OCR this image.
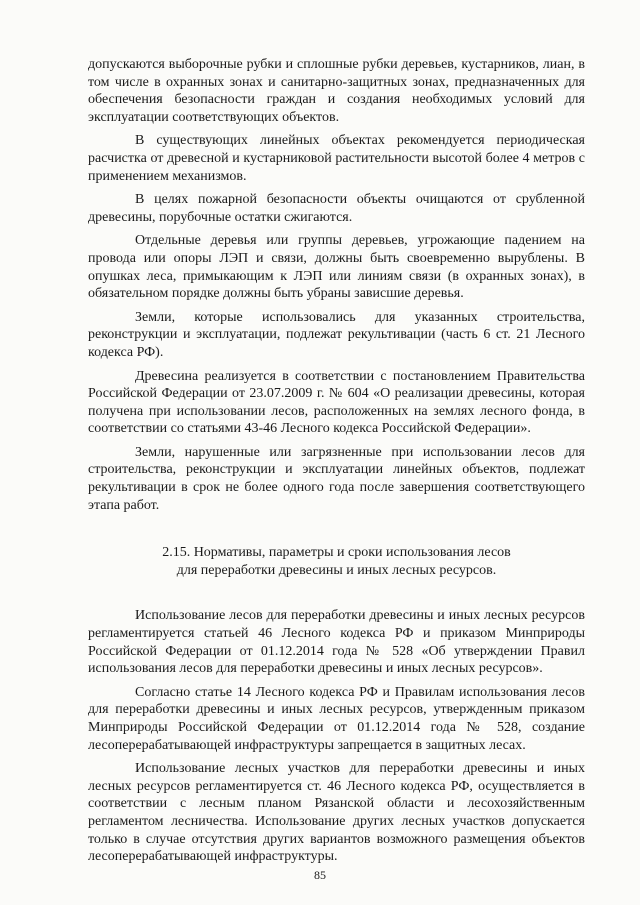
допускаются выборочные рубки и сплошные рубки деревьев, кустарников, лиан, в том числе в охранных зонах и санитарно-защитных зонах, предназначенных для обеспечения безопасности граждан и создания необходимых условий для эксплуатации соответствующих объектов.

В существующих линейных объектах рекомендуется периодическая расчистка от древесной и кустарниковой растительности высотой более 4 метров с применением механизмов.

В целях пожарной безопасности объекты очищаются от срубленной древесины, порубочные остатки сжигаются.

Отдельные деревья или группы деревьев, угрожающие падением на провода или опоры ЛЭП и связи, должны быть своевременно вырублены. В опушках леса, примыкающим к ЛЭП или линиям связи (в охранных зонах), в обязательном порядке должны быть убраны зависшие деревья.

Земли, которые использовались для указанных строительства, реконструкции и эксплуатации, подлежат рекультивации (часть 6 ст. 21 Лесного кодекса РФ).

Древесина реализуется в соответствии с постановлением Правительства Российской Федерации от 23.07.2009 г. № 604 «О реализации древесины, которая получена при использовании лесов, расположенных на землях лесного фонда, в соответствии со статьями 43-46 Лесного кодекса Российской Федерации».

Земли, нарушенные или загрязненные при использовании лесов для строительства, реконструкции и эксплуатации линейных объектов, подлежат рекультивации в срок не более одного года после завершения соответствующего этапа работ.

2.15. Нормативы, параметры и сроки использования лесов
для переработки древесины и иных лесных ресурсов.

Использование лесов для переработки древесины и иных лесных ресурсов регламентируется статьей 46 Лесного кодекса РФ и приказом Минприроды Российской Федерации от 01.12.2014 года № 528 «Об утверждении Правил использования лесов для переработки древесины и иных лесных ресурсов».

Согласно статье 14 Лесного кодекса РФ и Правилам использования лесов для переработки древесины и иных лесных ресурсов, утвержденным приказом Минприроды Российской Федерации от 01.12.2014 года № 528, создание лесоперерабатывающей инфраструктуры запрещается в защитных лесах.

Использование лесных участков для переработки древесины и иных лесных ресурсов регламентируется ст. 46 Лесного кодекса РФ, осуществляется в соответствии с лесным планом Рязанской области и лесохозяйственным регламентом лесничества. Использование других лесных участков допускается только в случае отсутствия других вариантов возможного размещения объектов лесоперерабатывающей инфраструктуры.

85
